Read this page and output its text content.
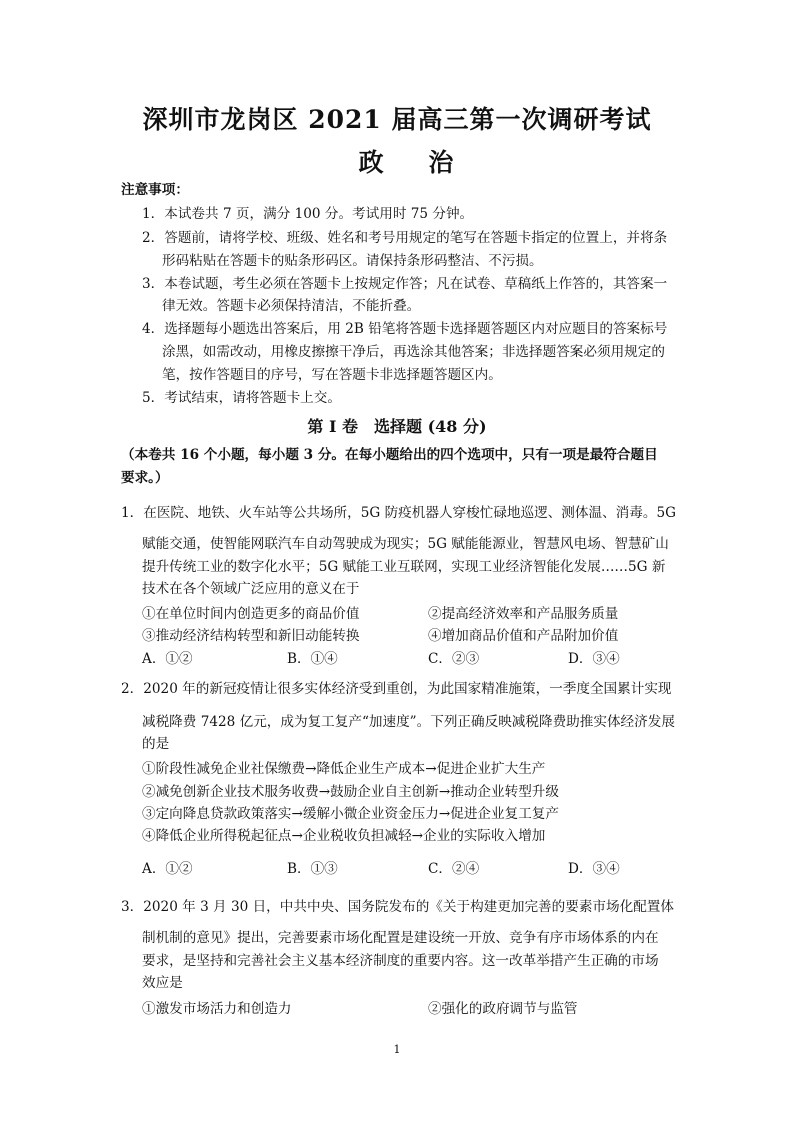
深圳市龙岗区 2021 届高三第一次调研考试
政 治
注意事项：
1．本试卷共 7 页，满分 100 分。考试用时 75 分钟。
2．答题前，请将学校、班级、姓名和考号用规定的笔写在答题卡指定的位置上，并将条
形码粘贴在答题卡的贴条形码区。请保持条形码整洁、不污损。
3．本卷试题，考生必须在答题卡上按规定作答；凡在试卷、草稿纸上作答的，其答案一
律无效。答题卡必须保持清洁，不能折叠。
4．选择题每小题选出答案后，用 2B 铅笔将答题卡选择题答题区内对应题目的答案标号
涂黑，如需改动，用橡皮擦擦干净后，再选涂其他答案；非选择题答案必须用规定的
笔，按作答题目的序号，写在答题卡非选择题答题区内。
5．考试结束，请将答题卡上交。
第 I 卷　选择题 (48 分)
（本卷共 16 个小题，每小题 3 分。在每小题给出的四个选项中，只有一项是最符合题目
要求。）
1．在医院、地铁、火车站等公共场所，5G 防疫机器人穿梭忙碌地巡逻、测体温、消毒。5G
赋能交通，使智能网联汽车自动驾驶成为现实；5G 赋能能源业，智慧风电场、智慧矿山
提升传统工业的数字化水平；5G 赋能工业互联网，实现工业经济智能化发展……5G 新
技术在各个领域广泛应用的意义在于
①在单位时间内创造更多的商品价值	②提高经济效率和产品服务质量
③推动经济结构转型和新旧动能转换	④增加商品价值和产品附加价值
A．①②	B．①④	C．②③	D．③④
2．2020 年的新冠疫情让很多实体经济受到重创，为此国家精准施策，一季度全国累计实现
减税降费 7428 亿元，成为复工复产“加速度”。下列正确反映减税降费助推实体经济发展
的是
①阶段性减免企业社保缴费→降低企业生产成本→促进企业扩大生产
②减免创新企业技术服务收费→鼓励企业自主创新→推动企业转型升级
③定向降息贷款政策落实→缓解小微企业资金压力→促进企业复工复产
④降低企业所得税起征点→企业税收负担减轻→企业的实际收入增加
A．①②	B．①③	C．②④	D．③④
3．2020 年 3 月 30 日，中共中央、国务院发布的《关于构建更加完善的要素市场化配置体
制机制的意见》提出，完善要素市场化配置是建设统一开放、竞争有序市场体系的内在
要求，是坚持和完善社会主义基本经济制度的重要内容。这一改革举措产生正确的市场
效应是
①激发市场活力和创造力	②强化的政府调节与监管
1
